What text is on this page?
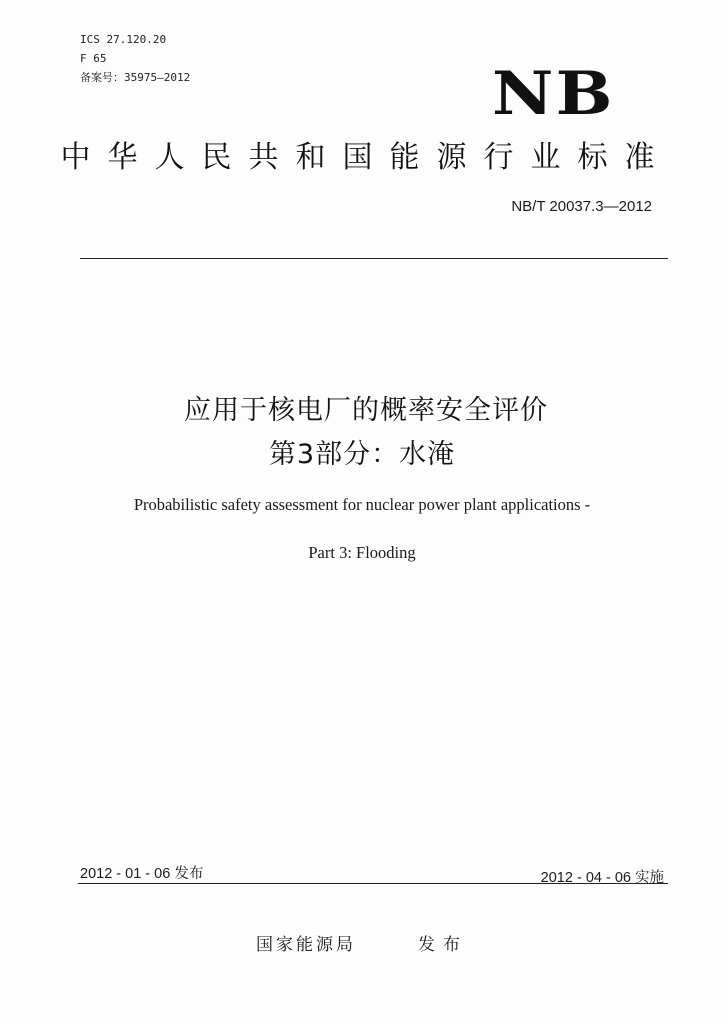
ICS 27.120.20
F 65
备案号：35975—2012	NB
中华人民共和国能源行业标准
NB/T 20037.3—2012
应用于核电厂的概率安全评价
第3部分：水淹
Probabilistic safety assessment for nuclear power plant applications -
Part 3: Flooding
2012 - 01 - 06 发布	2012 - 04 - 06 实施
国家能源局	发布
